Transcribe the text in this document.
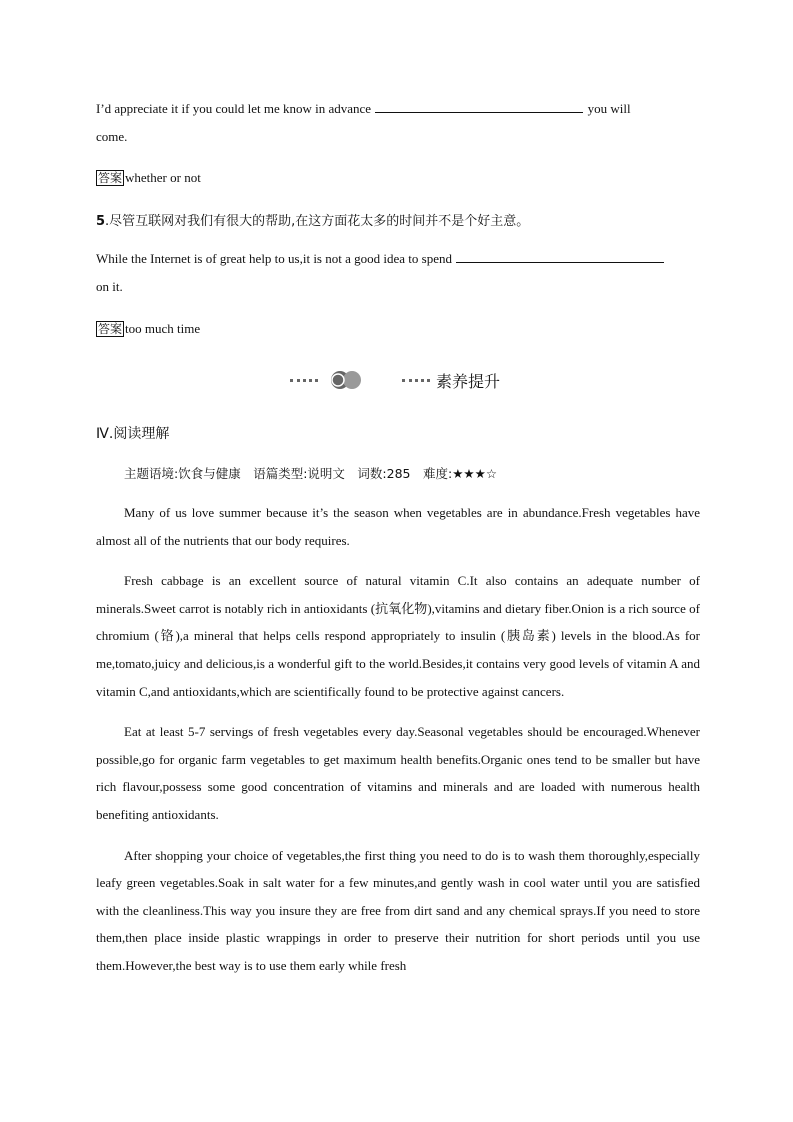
I’d appreciate it if you could let me know in advance	you will
come.
答案 whether or not
5.尽管互联网对我们有很大的帮助,在这方面花太多的时间并不是个好主意。
While the Internet is of great help to us,it is not a good idea to spend
on it.
答案 too much time
素养提升
Ⅳ.阅读理解
主题语境:饮食与健康　语篇类型:说明文　词数:285　难度:★★★☆

Many of us love summer because it’s the season when vegetables are in abundance.Fresh vegetables have almost all of the nutrients that our body requires.

Fresh cabbage is an excellent source of natural vitamin C.It also contains an adequate number of minerals.Sweet carrot is notably rich in antioxidants (抗氧化物),vitamins and dietary fiber.Onion is a rich source of chromium (铬),a mineral that helps cells respond appropriately to insulin (胰岛素) levels in the blood.As for me,tomato,juicy and delicious,is a wonderful gift to the world.Besides,it contains very good levels of vitamin A and vitamin C,and antioxidants,which are scientifically found to be protective against cancers.

Eat at least 5-7 servings of fresh vegetables every day.Seasonal vegetables should be encouraged.Whenever possible,go for organic farm vegetables to get maximum health benefits.Organic ones tend to be smaller but have rich flavour,possess some good concentration of vitamins and minerals and are loaded with numerous health benefiting antioxidants.

After shopping your choice of vegetables,the first thing you need to do is to wash them thoroughly,especially leafy green vegetables.Soak in salt water for a few minutes,and gently wash in cool water until you are satisfied with the cleanliness.This way you insure they are free from dirt sand and any chemical sprays.If you need to store them,then place inside plastic wrappings in order to preserve their nutrition for short periods until you use them.However,the best way is to use them early while fresh
